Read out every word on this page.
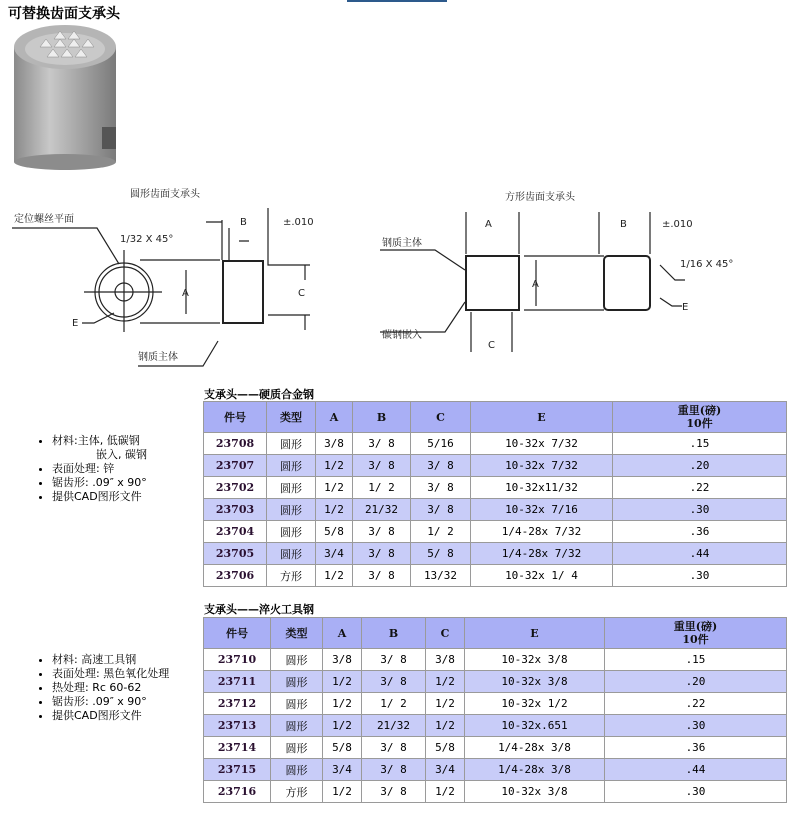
可替换齿面支承头
圆形齿面支承头
定位螺丝平面
1/32 X 45°
B	±.010
A	C
E
钢质主体
方形齿面支承头
A	B	±.010
1/16 X 45°
钢质主体
A
E
碳钢嵌入
C
• 材料:主体, 低碳钢
嵌入, 碳钢
• 表面处理: 锌
• 锯齿形: .09″ x 90°
• 提供CAD图形文件
• 材料: 高速工具钢
• 表面处理: 黑色氧化处理
• 热处理: Rc 60-62
• 锯齿形: .09″ x 90°
• 提供CAD图形文件
支承头——硬质合金钢
件号	类型	A	B	C	E	重里(磅)
10件
23708	圆形	3/8	3/ 8	5/16	10-32x 7/32	.15
23707	圆形	1/2	3/ 8	3/ 8	10-32x 7/32	.20
23702	圆形	1/2	1/ 2	3/ 8	10-32x11/32	.22
23703	圆形	1/2	21/32	3/ 8	10-32x 7/16	.30
23704	圆形	5/8	3/ 8	1/ 2	1/4-28x 7/32	.36
23705	圆形	3/4	3/ 8	5/ 8	1/4-28x 7/32	.44
23706	方形	1/2	3/ 8	13/32	10-32x 1/ 4	.30
支承头——淬火工具钢
件号	类型	A	B	C	E	重里(磅)
10件
23710	圆形	3/8	3/ 8	3/8	10-32x 3/8	.15
23711	圆形	1/2	3/ 8	1/2	10-32x 3/8	.20
23712	圆形	1/2	1/ 2	1/2	10-32x 1/2	.22
23713	圆形	1/2	21/32	1/2	10-32x.651	.30
23714	圆形	5/8	3/ 8	5/8	1/4-28x 3/8	.36
23715	圆形	3/4	3/ 8	3/4	1/4-28x 3/8	.44
23716	方形	1/2	3/ 8	1/2	10-32x 3/8	.30
